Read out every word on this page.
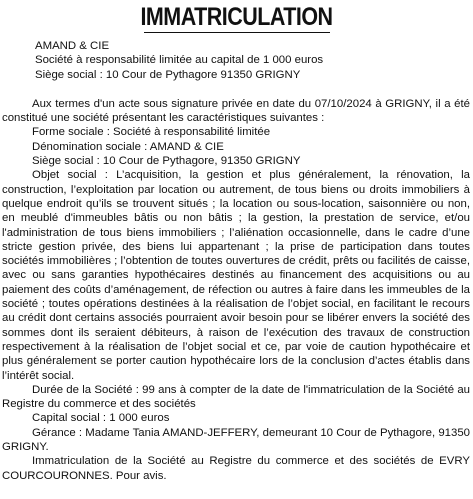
IMMATRICULATION
AMAND & CIE
Société à responsabilité limitée au capital de 1 000 euros
Siège social : 10 Cour de Pythagore 91350 GRIGNY

Aux termes d'un acte sous signature privée en date du 07/10/2024 à GRIGNY, il a été constitué une société présentant les caractéristiques suivantes :

Forme sociale : Société à responsabilité limitée

Dénomination sociale : AMAND & CIE

Siège social : 10 Cour de Pythagore, 91350 GRIGNY

Objet social : L’acquisition, la gestion et plus généralement, la rénovation, la construction, l’exploitation par location ou autrement, de tous biens ou droits immobiliers à quelque endroit qu’ils se trouvent situés ; la location ou sous-location, saisonnière ou non, en meublé d'immeubles bâtis ou non bâtis ; la gestion, la prestation de service, et/ou l'administration de tous biens immobiliers ; l’aliénation occasionnelle, dans le cadre d’une stricte gestion privée, des biens lui appartenant ; la prise de participation dans toutes sociétés immobilières ; l’obtention de toutes ouvertures de crédit, prêts ou facilités de caisse, avec ou sans garanties hypothécaires destinés au financement des acquisitions ou au paiement des coûts d’aménagement, de réfection ou autres à faire dans les immeubles de la société ; toutes opérations destinées à la réalisation de l’objet social, en facilitant le recours au crédit dont certains associés pourraient avoir besoin pour se libérer envers la société des sommes dont ils seraient débiteurs, à raison de l’exécution des travaux de construction respectivement à la réalisation de l’objet social et ce, par voie de caution hypothécaire et plus généralement se porter caution hypothécaire lors de la conclusion d’actes établis dans l’intérêt social.

Durée de la Société : 99 ans à compter de la date de l'immatriculation de la Société au Registre du commerce et des sociétés

Capital social : 1 000 euros

Gérance : Madame Tania AMAND-JEFFERY, demeurant 10 Cour de Pythagore, 91350 GRIGNY.

Immatriculation de la Société au Registre du commerce et des sociétés de EVRY COURCOURONNES. Pour avis.
